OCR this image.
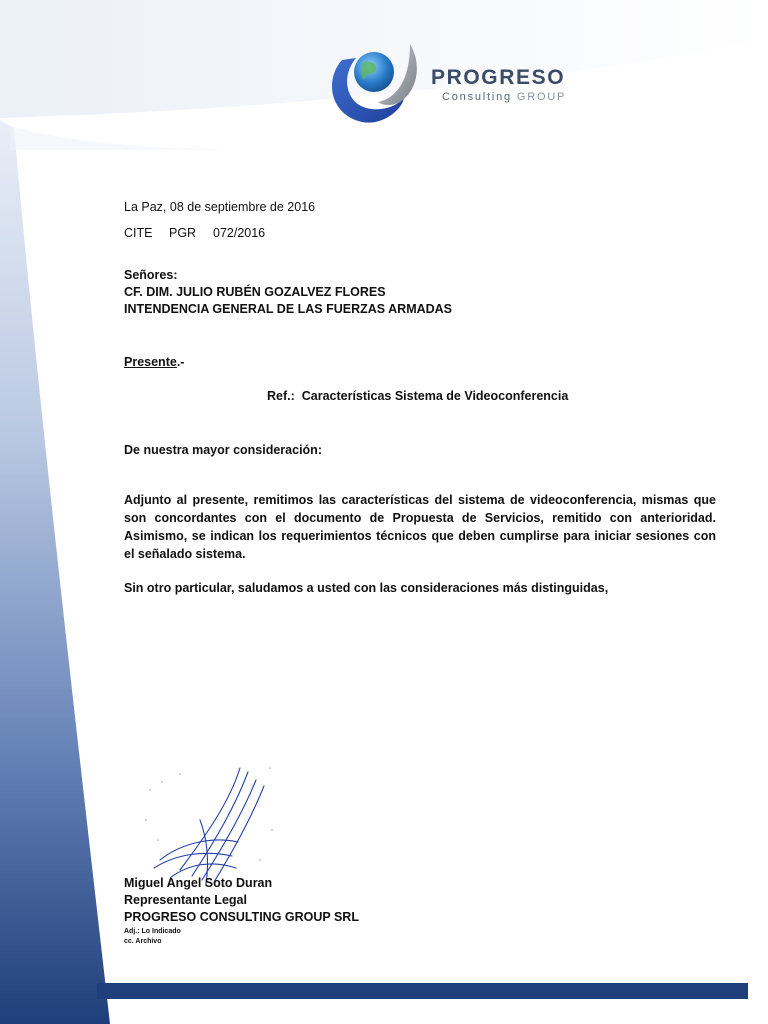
PROGRESO
Consulting GROUP
La Paz, 08 de septiembre de 2016
CITE PGR 072/2016
Señores:
CF. DIM. JULIO RUBÉN GOZALVEZ FLORES
INTENDENCIA GENERAL DE LAS FUERZAS ARMADAS
Presente.-
Ref.: Características Sistema de Videoconferencia
De nuestra mayor consideración:
Adjunto al presente, remitimos las características del sistema de videoconferencia, mismas que son concordantes con el documento de Propuesta de Servicios, remitido con anterioridad. Asimismo, se indican los requerimientos técnicos que deben cumplirse para iniciar sesiones con el señalado sistema.
Sin otro particular, saludamos a usted con las consideraciones más distinguidas,
Miguel Angel Soto Duran
Representante Legal
PROGRESO CONSULTING GROUP SRL
Adj.: Lo Indicado
cc. Archivo
